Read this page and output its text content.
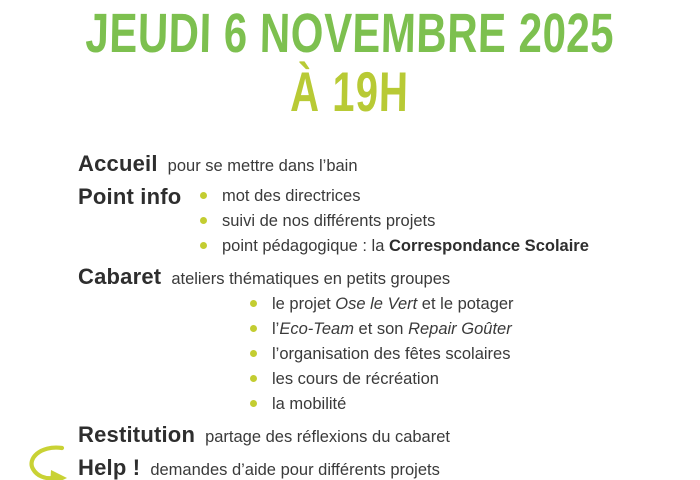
JEUDI 6 NOVEMBRE 2025
À 19H
Accueil pour se mettre dans l’bain
Point info	mot des directrices
suivi de nos différents projets
point pédagogique : la Correspondance Scolaire
Cabaret ateliers thématiques en petits groupes
le projet Ose le Vert et le potager
l’Eco-Team et son Repair Goûter
l’organisation des fêtes scolaires
les cours de récréation
la mobilité
Restitution partage des réflexions du cabaret
Help ! demandes d’aide pour différents projets
